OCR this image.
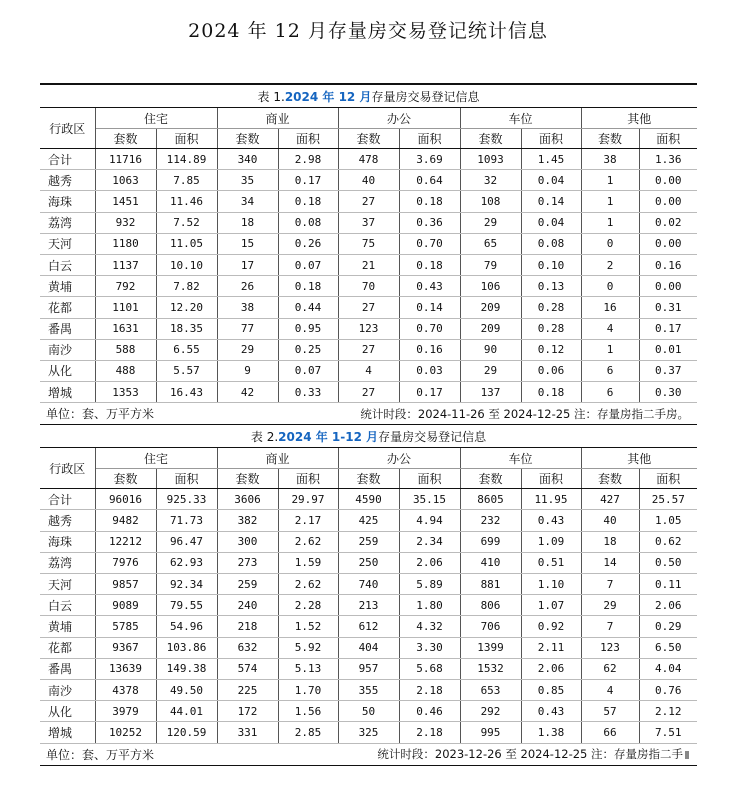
2024 年 12 月存量房交易登记统计信息
表 1.2024 年 12 月存量房交易登记信息										
行政区	住宅		商业		办公		车位		其他	
	套数	面积	套数	面积	套数	面积	套数	面积	套数	面积
合计	11716	114.89	340	2.98	478	3.69	1093	1.45	38	1.36
越秀	1063	7.85	35	0.17	40	0.64	32	0.04	1	0.00
海珠	1451	11.46	34	0.18	27	0.18	108	0.14	1	0.00
荔湾	932	7.52	18	0.08	37	0.36	29	0.04	1	0.02
天河	1180	11.05	15	0.26	75	0.70	65	0.08	0	0.00
白云	1137	10.10	17	0.07	21	0.18	79	0.10	2	0.16
黄埔	792	7.82	26	0.18	70	0.43	106	0.13	0	0.00
花都	1101	12.20	38	0.44	27	0.14	209	0.28	16	0.31
番禺	1631	18.35	77	0.95	123	0.70	209	0.28	4	0.17
南沙	588	6.55	29	0.25	27	0.16	90	0.12	1	0.01
从化	488	5.57	9	0.07	4	0.03	29	0.06	6	0.37
增城	1353	16.43	42	0.33	27	0.17	137	0.18	6	0.30
单位：套、万平方米				统计时段：2024-11-26 至 2024-12-25 注：存量房指二手房。						
表 2.2024 年 1-12 月存量房交易登记信息										
行政区	住宅		商业		办公		车位		其他	
	套数	面积	套数	面积	套数	面积	套数	面积	套数	面积
合计	96016	925.33	3606	29.97	4590	35.15	8605	11.95	427	25.57
越秀	9482	71.73	382	2.17	425	4.94	232	0.43	40	1.05
海珠	12212	96.47	300	2.62	259	2.34	699	1.09	18	0.62
荔湾	7976	62.93	273	1.59	250	2.06	410	0.51	14	0.50
天河	9857	92.34	259	2.62	740	5.89	881	1.10	7	0.11
白云	9089	79.55	240	2.28	213	1.80	806	1.07	29	2.06
黄埔	5785	54.96	218	1.52	612	4.32	706	0.92	7	0.29
花都	9367	103.86	632	5.92	404	3.30	1399	2.11	123	6.50
番禺	13639	149.38	574	5.13	957	5.68	1532	2.06	62	4.04
南沙	4378	49.50	225	1.70	355	2.18	653	0.85	4	0.76
从化	3979	44.01	172	1.56	50	0.46	292	0.43	57	2.12
增城	10252	120.59	331	2.85	325	2.18	995	1.38	66	7.51
单位：套、万平方米				统计时段：2023-12-26 至 2024-12-25 注：存量房指二手						
